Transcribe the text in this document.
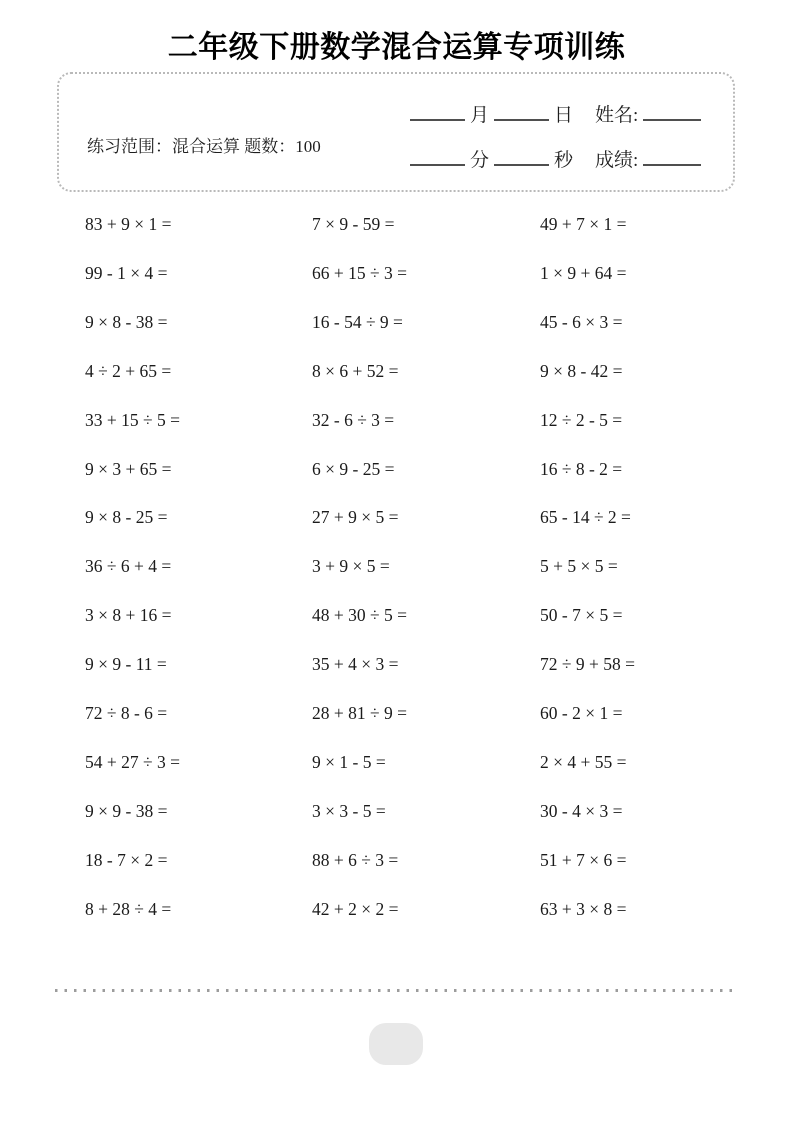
二年级下册数学混合运算专项训练
练习范围：混合运算 题数：100
月	日 姓名:
分	秒 成绩:
83 + 9 × 1 =
99 - 1 × 4 =
9 × 8 - 38 =
4 ÷ 2 + 65 =
33 + 15 ÷ 5 =
9 × 3 + 65 =
9 × 8 - 25 =
36 ÷ 6 + 4 =
3 × 8 + 16 =
9 × 9 - 11 =
72 ÷ 8 - 6 =
54 + 27 ÷ 3 =
9 × 9 - 38 =
18 - 7 × 2 =
8 + 28 ÷ 4 =
7 × 9 - 59 =
66 + 15 ÷ 3 =
16 - 54 ÷ 9 =
8 × 6 + 52 =
32 - 6 ÷ 3 =
6 × 9 - 25 =
27 + 9 × 5 =
3 + 9 × 5 =
48 + 30 ÷ 5 =
35 + 4 × 3 =
28 + 81 ÷ 9 =
9 × 1 - 5 =
3 × 3 - 5 =
88 + 6 ÷ 3 =
42 + 2 × 2 =
49 + 7 × 1 =
1 × 9 + 64 =
45 - 6 × 3 =
9 × 8 - 42 =
12 ÷ 2 - 5 =
16 ÷ 8 - 2 =
65 - 14 ÷ 2 =
5 + 5 × 5 =
50 - 7 × 5 =
72 ÷ 9 + 58 =
60 - 2 × 1 =
2 × 4 + 55 =
30 - 4 × 3 =
51 + 7 × 6 =
63 + 3 × 8 =
